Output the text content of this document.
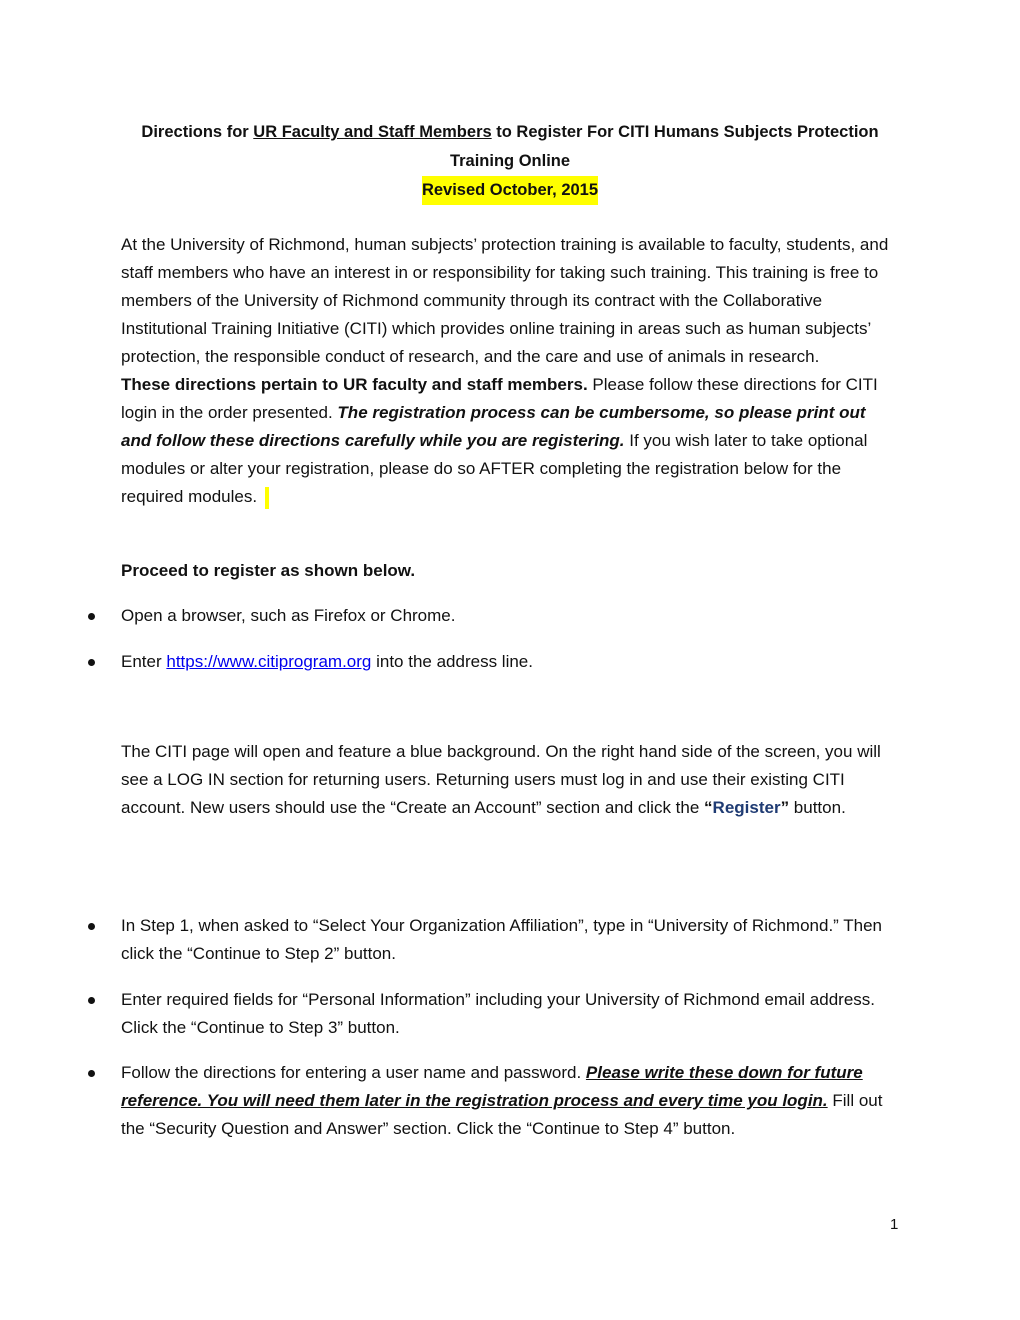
Directions for UR Faculty and Staff Members to Register For CITI Humans Subjects Protection Training Online
Revised October, 2015

At the University of Richmond, human subjects’ protection training is available to faculty, students, and staff members who have an interest in or responsibility for taking such training. This training is free to members of the University of Richmond community through its contract with the Collaborative Institutional Training Initiative (CITI) which provides online training in areas such as human subjects’ protection, the responsible conduct of research, and the care and use of animals in research.

These directions pertain to UR faculty and staff members. Please follow these directions for CITI login in the order presented. The registration process can be cumbersome, so please print out and follow these directions carefully while you are registering. If you wish later to take optional modules or alter your registration, please do so AFTER completing the registration below for the required modules.

Proceed to register as shown below.
Open a browser, such as Firefox or Chrome.
Enter https://www.citiprogram.org into the address line.
The CITI page will open and feature a blue background. On the right hand side of the screen, you will see a LOG IN section for returning users. Returning users must log in and use their existing CITI account. New users should use the “Create an Account” section and click the “Register” button.
In Step 1, when asked to “Select Your Organization Affiliation”, type in “University of Richmond.” Then click the “Continue to Step 2” button.
Enter required fields for “Personal Information” including your University of Richmond email address. Click the “Continue to Step 3” button.
Follow the directions for entering a user name and password. Please write these down for future reference. You will need them later in the registration process and every time you login. Fill out the “Security Question and Answer” section. Click the “Continue to Step 4” button.
1
